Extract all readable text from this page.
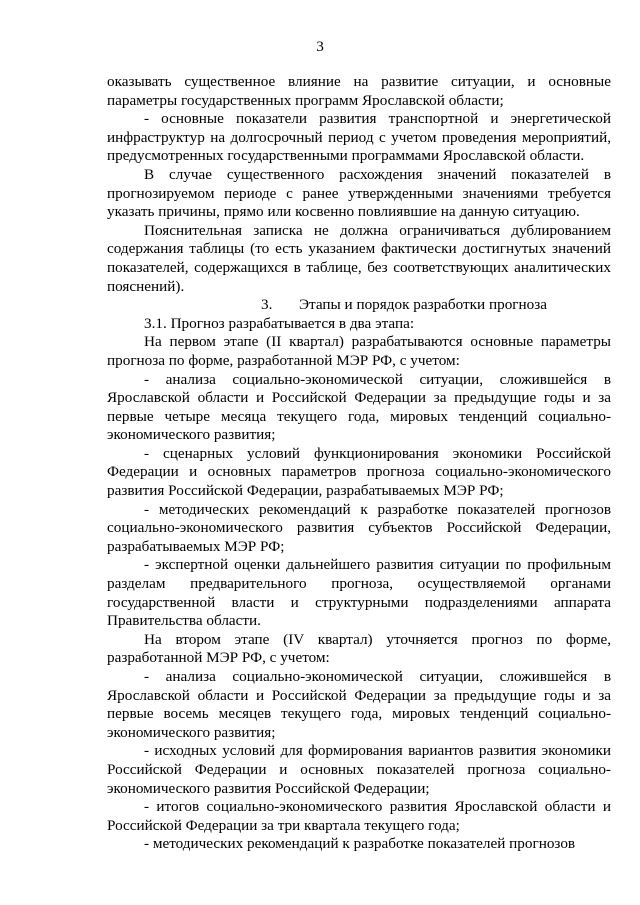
3

оказывать существенное влияние на развитие ситуации, и основные параметры государственных программ Ярославской области;

- основные показатели развития транспортной и энергетической инфраструктур на долгосрочный период с учетом проведения мероприятий, предусмотренных государственными программами Ярославской области.

В случае существенного расхождения значений показателей в прогнозируемом периоде с ранее утвержденными значениями требуется указать причины, прямо или косвенно повлиявшие на данную ситуацию.

Пояснительная записка не должна ограничиваться дублированием содержания таблицы (то есть указанием фактически достигнутых значений показателей, содержащихся в таблице, без соответствующих аналитических пояснений).

3. Этапы и порядок разработки прогноза

3.1. Прогноз разрабатывается в два этапа:

На первом этапе (II квартал) разрабатываются основные параметры прогноза по форме, разработанной МЭР РФ, с учетом:

- анализа социально-экономической ситуации, сложившейся в Ярославской области и Российской Федерации за предыдущие годы и за первые четыре месяца текущего года, мировых тенденций социально-экономического развития;

- сценарных условий функционирования экономики Российской Федерации и основных параметров прогноза социально-экономического развития Российской Федерации, разрабатываемых МЭР РФ;

- методических рекомендаций к разработке показателей прогнозов социально-экономического развития субъектов Российской Федерации, разрабатываемых МЭР РФ;

- экспертной оценки дальнейшего развития ситуации по профильным разделам предварительного прогноза, осуществляемой органами государственной власти и структурными подразделениями аппарата Правительства области.

На втором этапе (IV квартал) уточняется прогноз по форме, разработанной МЭР РФ, с учетом:

- анализа социально-экономической ситуации, сложившейся в Ярославской области и Российской Федерации за предыдущие годы и за первые восемь месяцев текущего года, мировых тенденций социально-экономического развития;

- исходных условий для формирования вариантов развития экономики Российской Федерации и основных показателей прогноза социально-экономического развития Российской Федерации;

- итогов социально-экономического развития Ярославской области и Российской Федерации за три квартала текущего года;

- методических рекомендаций к разработке показателей прогнозов
